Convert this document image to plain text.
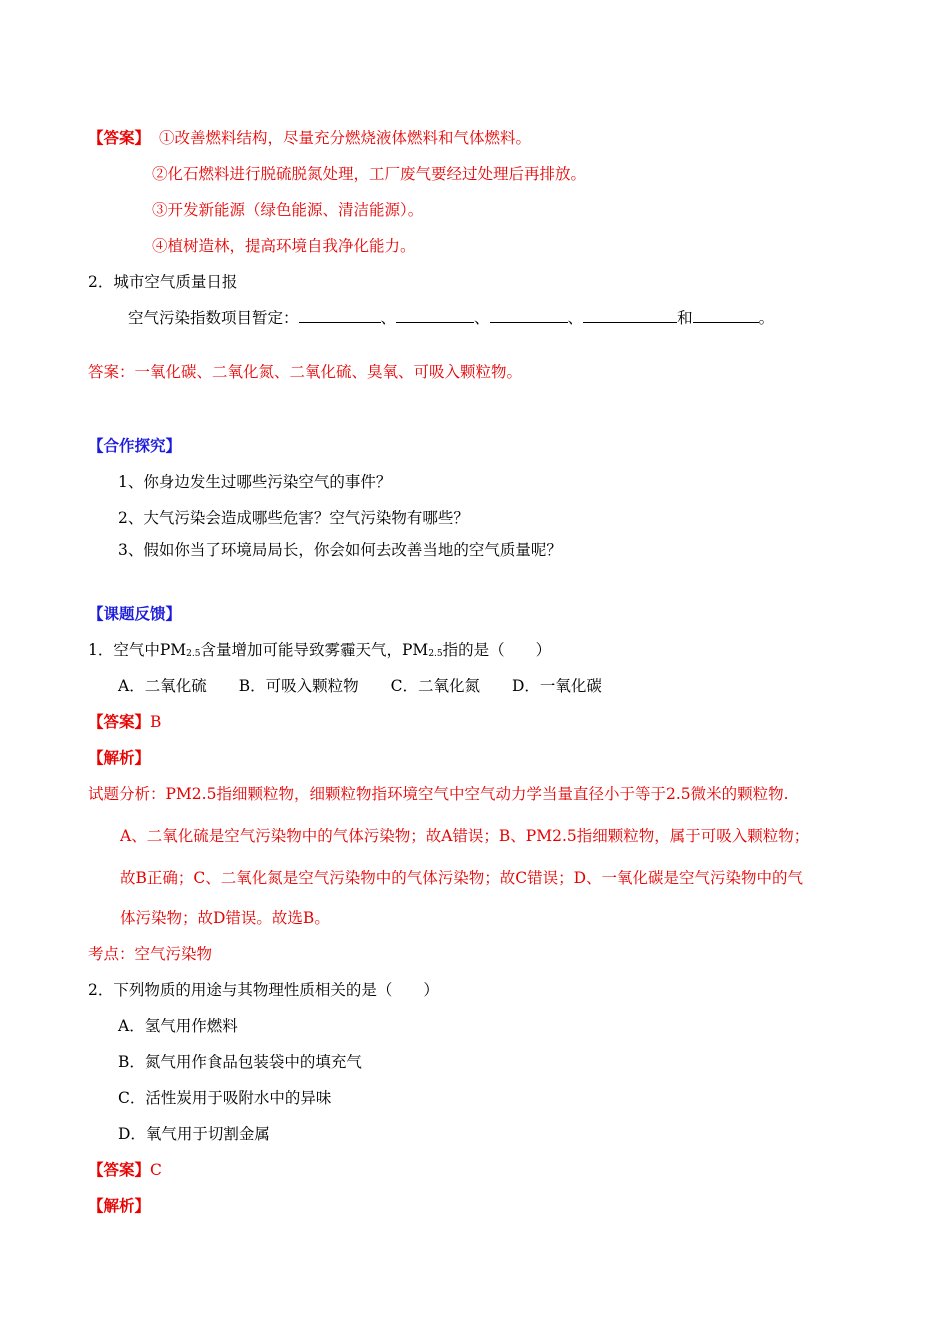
【答案】 ①改善燃料结构，尽量充分燃烧液体燃料和气体燃料。
②化石燃料进行脱硫脱氮处理，工厂废气要经过处理后再排放。
③开发新能源（绿色能源、清洁能源）。
④植树造林，提高环境自我净化能力。
2．城市空气质量日报
空气污染指数项目暂定：	、	、	、	和	。
答案：一氧化碳、二氧化氮、二氧化硫、臭氧、可吸入颗粒物。
【合作探究】
1、你身边发生过哪些污染空气的事件？
2、大气污染会造成哪些危害？空气污染物有哪些？
3、假如你当了环境局局长，你会如何去改善当地的空气质量呢？
【课题反馈】
1．空气中$PM_{2.5}$含量增加可能导致雾霾天气，$PM_{2.5}$指的是（　　）
A．二氧化硫 B．可吸入颗粒物 C．二氧化氮 D．一氧化碳
【答案】B
【解析】
试题分析：PM2.5指细颗粒物，细颗粒物指环境空气中空气动力学当量直径小于等于2.5微米的颗粒物.
A、二氧化硫是空气污染物中的气体污染物；故A错误；B、PM2.5指细颗粒物，属于可吸入颗粒物；
故B正确；C、二氧化氮是空气污染物中的气体污染物；故C错误；D、一氧化碳是空气污染物中的气
体污染物；故D错误。故选B。
考点：空气污染物
2．下列物质的用途与其物理性质相关的是（　　）
A．氢气用作燃料
B．氮气用作食品包装袋中的填充气
C．活性炭用于吸附水中的异味
D．氧气用于切割金属
【答案】C
【解析】
